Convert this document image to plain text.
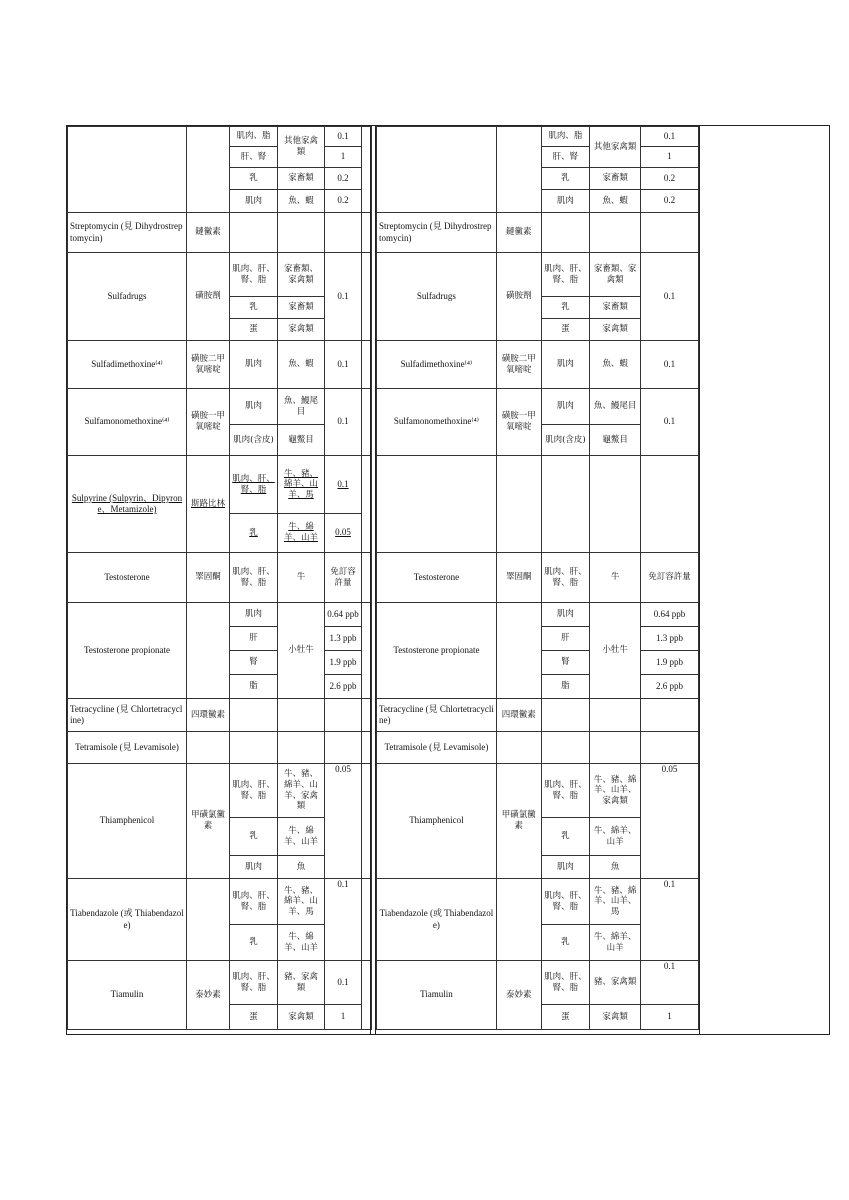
		肌肉、脂	其他家禽類	0.1	
		肝、腎		1	
		乳	家畜類	0.2	
		肌肉	魚、蝦	0.2	
Streptomycin (見 Dihydrostreptomycin)	鏈黴素				
Sulfadrugs	磺胺劑	肌肉、肝、腎、脂	家畜類、家禽類	0.1	
		乳	家畜類		
		蛋	家禽類		
Sulfadimethoxine⁽⁴⁾	磺胺二甲氧嘧啶	肌肉	魚、蝦	0.1	
Sulfamonomethoxine⁽⁴⁾	磺胺一甲氧嘧啶	肌肉	魚、鰻尾目	0.1	
		肌肉(含皮)	龜鱉目		
Sulpyrine (Sulpyrin、Dipyrone、Metamizole)	斯路比林	肌肉、肝、腎、脂	牛、豬、綿羊、山羊、馬	0.1	
		乳	牛、綿羊、山羊	0.05	
Testosterone	睪固酮	肌肉、肝、腎、脂	牛	免訂容許量	
Testosterone propionate		肌肉	小牡牛	0.64 ppb	
		肝		1.3 ppb	
		腎		1.9 ppb	
		脂		2.6 ppb	
Tetracycline (見 Chlortetracycline)	四環黴素				
Tetramisole (見 Levamisole)					
Thiamphenicol	甲磺氯黴素	肌肉、肝、腎、脂	牛、豬、綿羊、山羊、家禽類	0.05	
		乳	牛、綿羊、山羊		
		肌肉	魚		
Tiabendazole (或 Thiabendazole)		肌肉、肝、腎、脂	牛、豬、綿羊、山羊、馬	0.1	
		乳	牛、綿羊、山羊		
Tiamulin	泰妙素	肌肉、肝、腎、脂	豬、家禽類	0.1	
		蛋	家禽類	1	
		肌肉、脂	其他家禽類	0.1
		肝、腎		1
		乳	家畜類	0.2
		肌肉	魚、蝦	0.2
Streptomycin (見 Dihydrostreptomycin)	鏈黴素			
Sulfadrugs	磺胺劑	肌肉、肝、腎、脂	家畜類、家禽類	0.1
		乳	家畜類	
		蛋	家禽類	
Sulfadimethoxine⁽⁴⁾	磺胺二甲氧嘧啶	肌肉	魚、蝦	0.1
Sulfamonomethoxine⁽⁴⁾	磺胺一甲氧嘧啶	肌肉	魚、鰻尾目	0.1
		肌肉(含皮)	龜鱉目	

Testosterone	睪固酮	肌肉、肝、腎、脂	牛	免訂容許量
Testosterone propionate		肌肉	小牡牛	0.64 ppb
		肝		1.3 ppb
		腎		1.9 ppb
		脂		2.6 ppb
Tetracycline (見 Chlortetracycline)	四環黴素			
Tetramisole (見 Levamisole)				
Thiamphenicol	甲磺氯黴素	肌肉、肝、腎、脂	牛、豬、綿羊、山羊、家禽類	0.05
		乳	牛、綿羊、山羊	
		肌肉	魚	
Tiabendazole (或 Thiabendazole)		肌肉、肝、腎、脂	牛、豬、綿羊、山羊、馬	0.1
		乳	牛、綿羊、山羊	
Tiamulin	泰妙素	肌肉、肝、腎、脂	豬、家禽類	0.1
		蛋	家禽類	1
